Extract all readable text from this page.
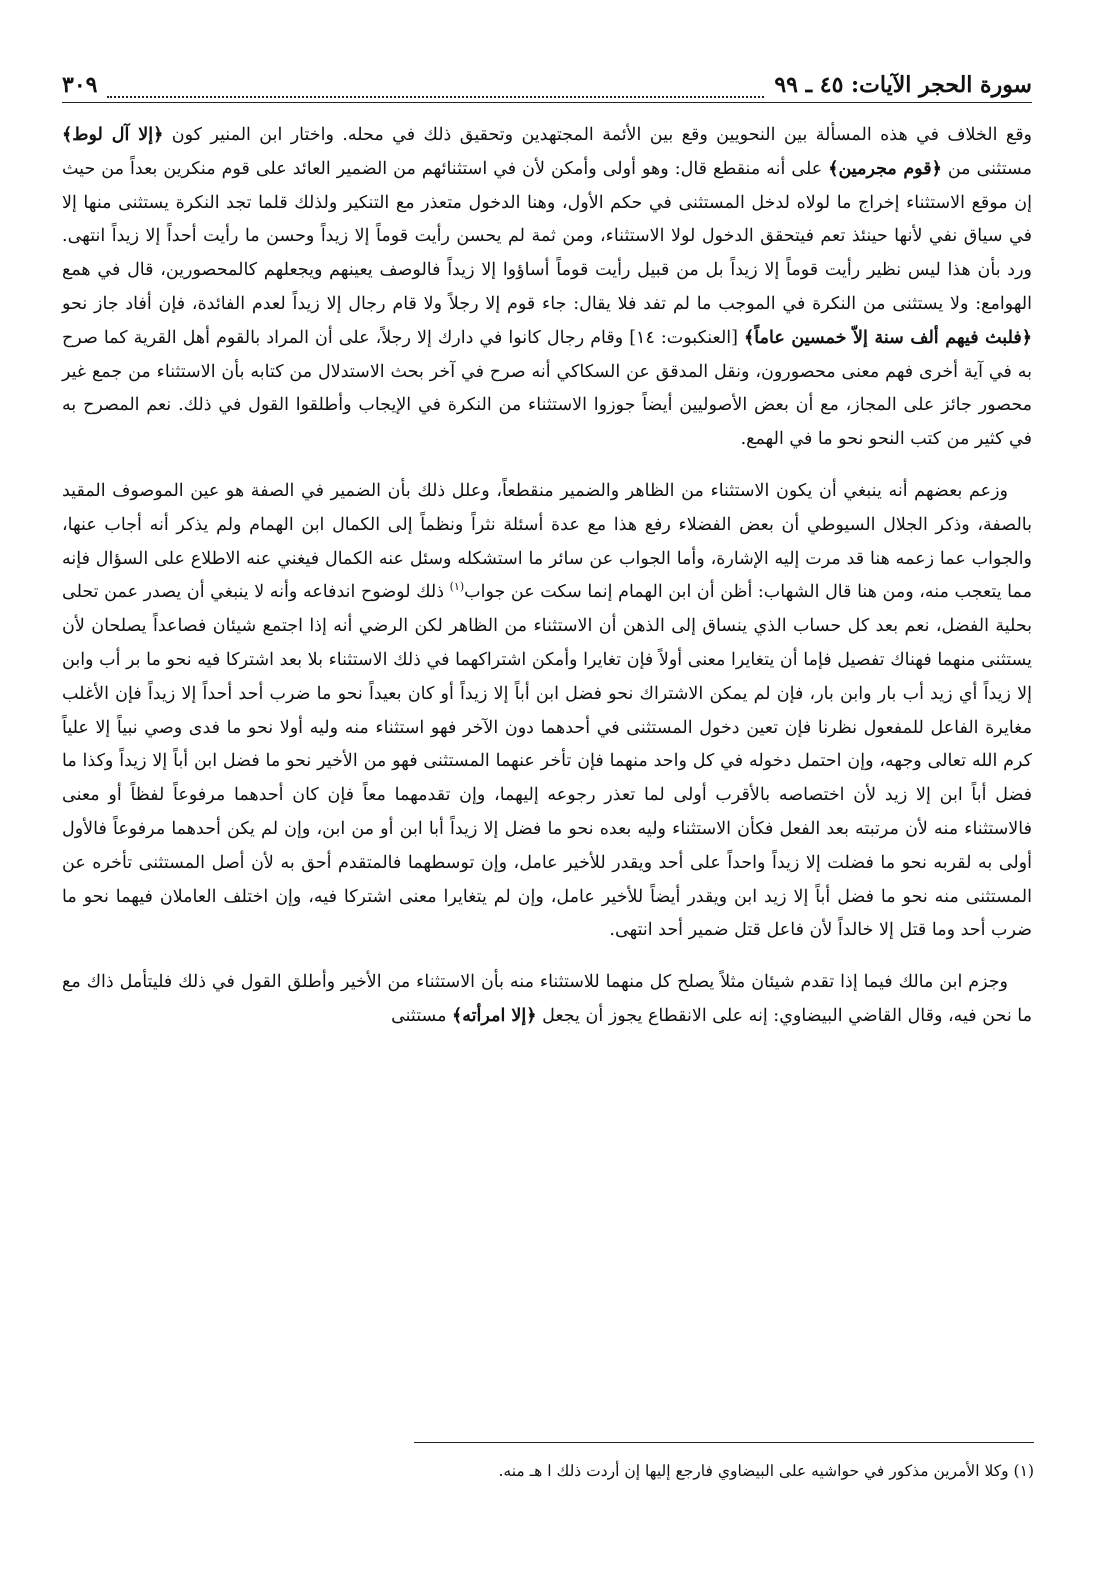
سورة الحجر الآيات: ٤٥ ـ ٩٩
٣٠٩

وقع الخلاف في هذه المسألة بين النحويين وقع بين الأئمة المجتهدين وتحقيق ذلك في محله. واختار ابن المنير كون ﴿إلا آل لوط﴾ مستثنى من ﴿قوم مجرمين﴾ على أنه منقطع قال: وهو أولى وأمكن لأن في استثنائهم من الضمير العائد على قوم منكرين بعداً من حيث إن موقع الاستثناء إخراج ما لولاه لدخل المستثنى في حكم الأول، وهنا الدخول متعذر مع التنكير ولذلك قلما تجد النكرة يستثنى منها إلا في سياق نفي لأنها حينئذ تعم فيتحقق الدخول لولا الاستثناء، ومن ثمة لم يحسن رأيت قوماً إلا زيداً وحسن ما رأيت أحداً إلا زيداً انتهى. ورد بأن هذا ليس نظير رأيت قوماً إلا زيداً بل من قبيل رأيت قوماً أساؤوا إلا زيداً فالوصف يعينهم ويجعلهم كالمحصورين، قال في همع الهوامع: ولا يستثنى من النكرة في الموجب ما لم تفد فلا يقال: جاء قوم إلا رجلاً ولا قام رجال إلا زيداً لعدم الفائدة، فإن أفاد جاز نحو ﴿فلبث فيهم ألف سنة إلاّ خمسين عاماً﴾ [العنكبوت: ١٤] وقام رجال كانوا في دارك إلا رجلاً، على أن المراد بالقوم أهل القرية كما صرح به في آية أخرى فهم معنى محصورون، ونقل المدقق عن السكاكي أنه صرح في آخر بحث الاستدلال من كتابه بأن الاستثناء من جمع غير محصور جائز على المجاز، مع أن بعض الأصوليين أيضاً جوزوا الاستثناء من النكرة في الإيجاب وأطلقوا القول في ذلك. نعم المصرح به في كثير من كتب النحو نحو ما في الهمع.

وزعم بعضهم أنه ينبغي أن يكون الاستثناء من الظاهر والضمير منقطعاً، وعلل ذلك بأن الضمير في الصفة هو عين الموصوف المقيد بالصفة، وذكر الجلال السيوطي أن بعض الفضلاء رفع هذا مع عدة أسئلة نثراً ونظماً إلى الكمال ابن الهمام ولم يذكر أنه أجاب عنها، والجواب عما زعمه هنا قد مرت إليه الإشارة، وأما الجواب عن سائر ما استشكله وسئل عنه الكمال فيغني عنه الاطلاع على السؤال فإنه مما يتعجب منه، ومن هنا قال الشهاب: أظن أن ابن الهمام إنما سكت عن جواب$^{(١)}$ ذلك لوضوح اندفاعه وأنه لا ينبغي أن يصدر عمن تحلى بحلية الفضل، نعم بعد كل حساب الذي ينساق إلى الذهن أن الاستثناء من الظاهر لكن الرضي أنه إذا اجتمع شيئان فصاعداً يصلحان لأن يستثنى منهما فهناك تفصيل فإما أن يتغايرا معنى أولاً فإن تغايرا وأمكن اشتراكهما في ذلك الاستثناء بلا بعد اشتركا فيه نحو ما بر أب وابن إلا زيداً أي زيد أب بار وابن بار، فإن لم يمكن الاشتراك نحو فضل ابن أباً إلا زيداً أو كان بعيداً نحو ما ضرب أحد أحداً إلا زيداً فإن الأغلب مغايرة الفاعل للمفعول نظرنا فإن تعين دخول المستثنى في أحدهما دون الآخر فهو استثناء منه وليه أولا نحو ما فدى وصي نبياً إلا علياً كرم الله تعالى وجهه، وإن احتمل دخوله في كل واحد منهما فإن تأخر عنهما المستثنى فهو من الأخير نحو ما فضل ابن أباً إلا زيداً وكذا ما فضل أباً ابن إلا زيد لأن اختصاصه بالأقرب أولى لما تعذر رجوعه إليهما، وإن تقدمهما معاً فإن كان أحدهما مرفوعاً لفظاً أو معنى فالاستثناء منه لأن مرتبته بعد الفعل فكأن الاستثناء وليه بعده نحو ما فضل إلا زيداً أبا ابن أو من ابن، وإن لم يكن أحدهما مرفوعاً فالأول أولى به لقربه نحو ما فضلت إلا زيداً واحداً على أحد ويقدر للأخير عامل، وإن توسطهما فالمتقدم أحق به لأن أصل المستثنى تأخره عن المستثنى منه نحو ما فضل أباً إلا زيد ابن ويقدر أيضاً للأخير عامل، وإن لم يتغايرا معنى اشتركا فيه، وإن اختلف العاملان فيهما نحو ما ضرب أحد وما قتل إلا خالداً لأن فاعل قتل ضمير أحد انتهى.

وجزم ابن مالك فيما إذا تقدم شيئان مثلاً يصلح كل منهما للاستثناء منه بأن الاستثناء من الأخير وأطلق القول في ذلك فليتأمل ذاك مع ما نحن فيه، وقال القاضي البيضاوي: إنه على الانقطاع يجوز أن يجعل ﴿إلا امرأته﴾ مستثنى

(١) وكلا الأمرين مذكور في حواشيه على البيضاوي فارجع إليها إن أردت ذلك ا هـ منه.
